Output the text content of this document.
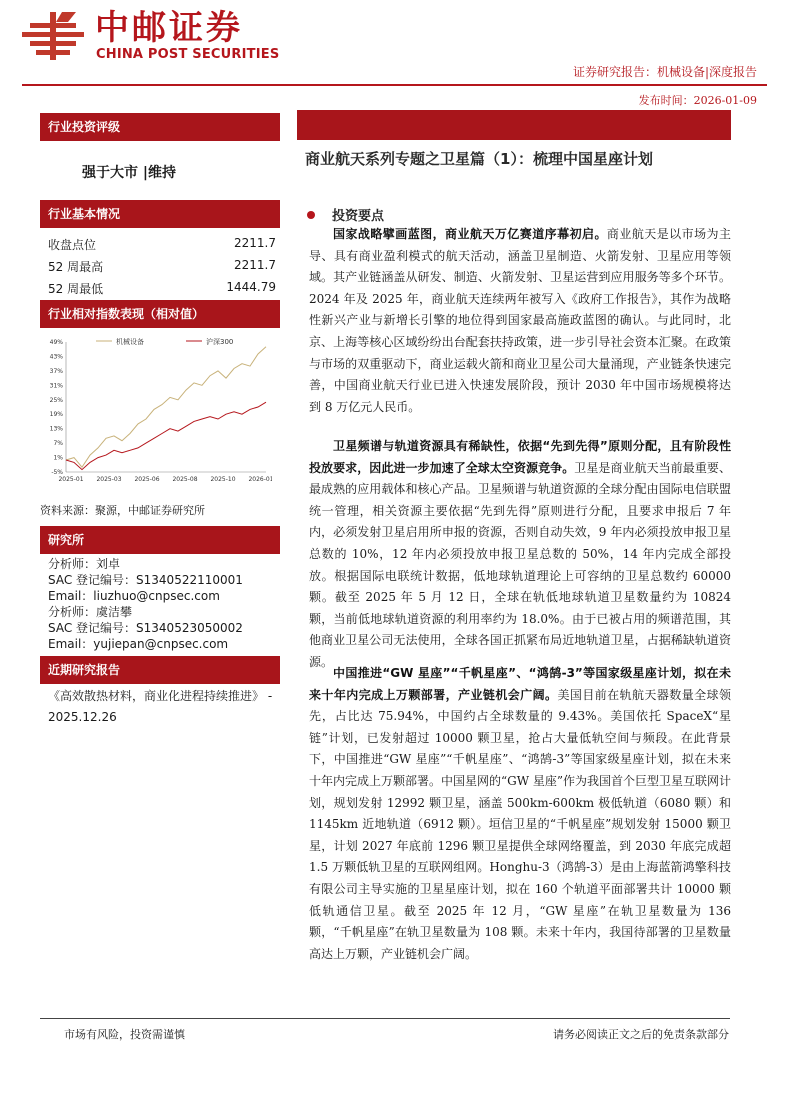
中邮证券
CHINA POST SECURITIES
证券研究报告：机械设备|深度报告
发布时间：2026-01-09
行业投资评级
强于大市 |维持
行业基本情况
收盘点位	2211.7
52 周最高	2211.7
52 周最低	1444.79
行业相对指数表现（相对值）
49%
43%
37%
31%
25%
19%
13%
7%
1%
-5%
2025-01 2025-03 2025-06 2025-08 2025-10 2026-01
机械设备	沪深300
资料来源：聚源，中邮证券研究所
研究所
分析师：刘卓
SAC 登记编号：S1340522110001
Email：liuzhuo@cnpsec.com
分析师：虞洁攀
SAC 登记编号：S1340523050002
Email：yujiepan@cnpsec.com
近期研究报告
《高效散热材料，商业化进程持续推进》 - 2025.12.26
商业航天系列专题之卫星篇（1）：梳理中国星座计划
投资要点
国家战略擘画蓝图，商业航天万亿赛道序幕初启。商业航天是以市场为主导、具有商业盈利模式的航天活动，涵盖卫星制造、火箭发射、卫星应用等领域。其产业链涵盖从研发、制造、火箭发射、卫星运营到应用服务等多个环节。2024 年及 2025 年，商业航天连续两年被写入《政府工作报告》，其作为战略性新兴产业与新增长引擎的地位得到国家最高施政蓝图的确认。与此同时，北京、上海等核心区域纷纷出台配套扶持政策，进一步引导社会资本汇聚。在政策与市场的双重驱动下，商业运载火箭和商业卫星公司大量涌现，产业链条快速完善，中国商业航天行业已进入快速发展阶段，预计 2030 年中国市场规模将达到 8 万亿元人民币。
卫星频谱与轨道资源具有稀缺性，依据“先到先得”原则分配，且有阶段性投放要求，因此进一步加速了全球太空资源竞争。卫星是商业航天当前最重要、最成熟的应用载体和核心产品。卫星频谱与轨道资源的全球分配由国际电信联盟统一管理，相关资源主要依据“先到先得”原则进行分配，且要求申报后 7 年内，必须发射卫星启用所申报的资源，否则自动失效，9 年内必须投放申报卫星总数的 10%，12 年内必须投放申报卫星总数的 50%，14 年内完成全部投放。根据国际电联统计数据，低地球轨道理论上可容纳的卫星总数约 60000 颗。截至 2025 年 5 月 12 日，全球在轨低地球轨道卫星数量约为 10824 颗，当前低地球轨道资源的利用率约为 18.0%。由于已被占用的频谱范围，其他商业卫星公司无法使用，全球各国正抓紧布局近地轨道卫星，占据稀缺轨道资源。
中国推进“GW 星座”“千帆星座”、“鸿鹄-3”等国家级星座计划，拟在未来十年内完成上万颗部署，产业链机会广阔。美国目前在轨航天器数量全球领先，占比达 75.94%，中国约占全球数量的 9.43%。美国依托 SpaceX“星链”计划，已发射超过 10000 颗卫星，抢占大量低轨空间与频段。在此背景下，中国推进“GW 星座”“千帆星座”、“鸿鹄-3”等国家级星座计划，拟在未来十年内完成上万颗部署。中国星网的“GW 星座”作为我国首个巨型卫星互联网计划，规划发射 12992 颗卫星，涵盖 500km-600km 极低轨道（6080 颗）和 1145km 近地轨道（6912 颗）。垣信卫星的“千帆星座”规划发射 15000 颗卫星，计划 2027 年底前 1296 颗卫星提供全球网络覆盖，到 2030 年底完成超 1.5 万颗低轨卫星的互联网组网。Honghu-3（鸿鹄-3）是由上海蓝箭鸿擎科技有限公司主导实施的卫星星座计划，拟在 160 个轨道平面部署共计 10000 颗低轨通信卫星。截至 2025 年 12 月，“GW 星座”在轨卫星数量为 136 颗，“千帆星座”在轨卫星数量为 108 颗。未来十年内，我国待部署的卫星数量高达上万颗，产业链机会广阔。
市场有风险，投资需谨慎	请务必阅读正文之后的免责条款部分
